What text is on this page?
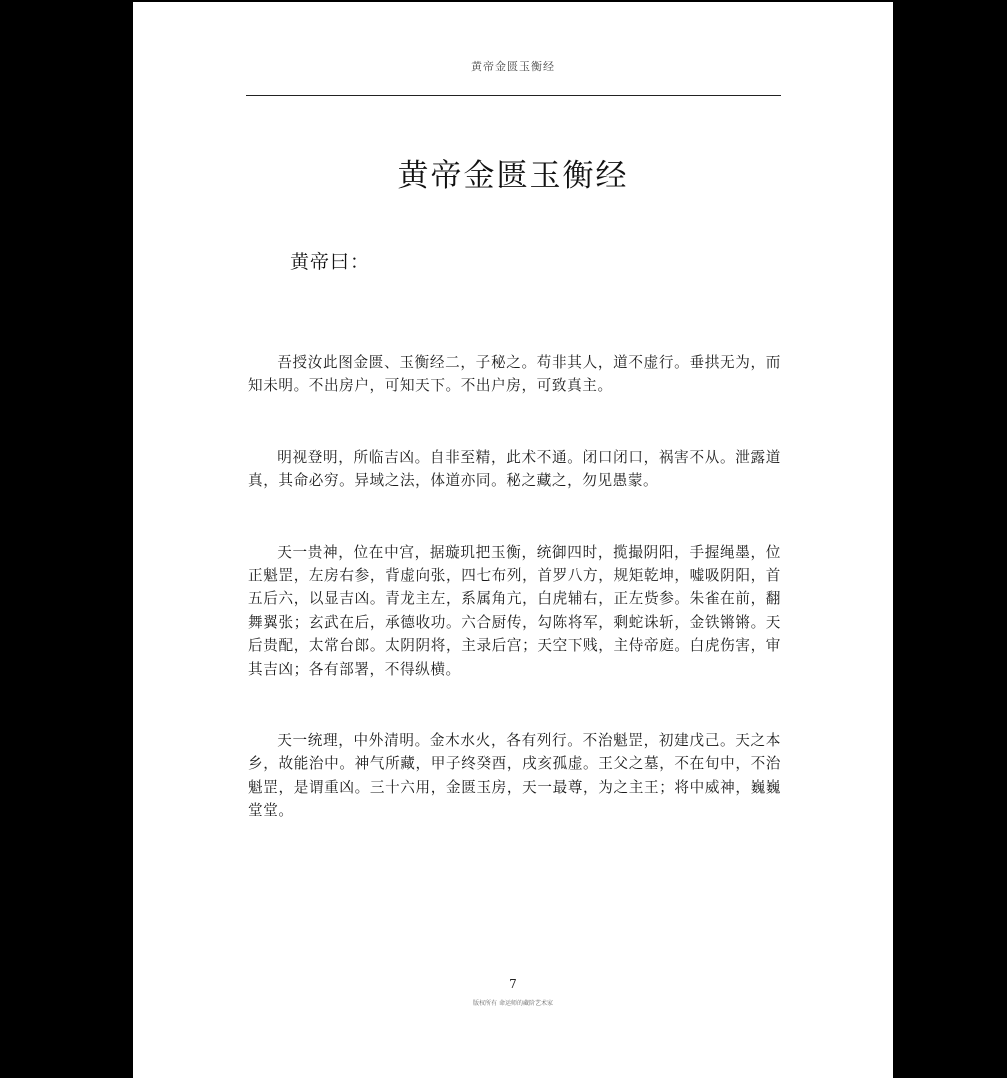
黄帝金匮玉衡经
黄帝金匮玉衡经
黄帝曰：

吾授汝此图金匮、玉衡经二，子秘之。苟非其人，道不虚行。垂拱无为，而知未明。不出房户，可知天下。不出户房，可致真主。

明视登明，所临吉凶。自非至精，此术不通。闭口闭口，祸害不从。泄露道真，其命必穷。异域之法，体道亦同。秘之藏之，勿见愚蒙。

天一贵神，位在中宫，据璇玑把玉衡，统御四时，揽撮阴阳，手握绳墨，位正魁罡，左房右参，背虚向张，四七布列，首罗八方，规矩乾坤，嘘吸阴阳，首五后六，以显吉凶。青龙主左，系属角亢，白虎辅右，正左赀参。朱雀在前，翻舞翼张；玄武在后，承德收功。六合厨传，勾陈将军，剩蛇诛斩，金铁锵锵。天后贵配，太常台郎。太阴阴将，主录后宫；天空下贱，主侍帝庭。白虎伤害，审其吉凶；各有部署，不得纵横。

天一统理，中外清明。金木水火，各有列行。不治魁罡，初建戊己。天之本乡，故能治中。神气所藏，甲子终癸酉，戌亥孤虚。王父之墓，不在旬中，不治魁罡，是谓重凶。三十六用，金匮玉房，天一最尊，为之主王；将中威神，巍巍堂堂。

7
版权所有 命运师的藏阶艺术家
